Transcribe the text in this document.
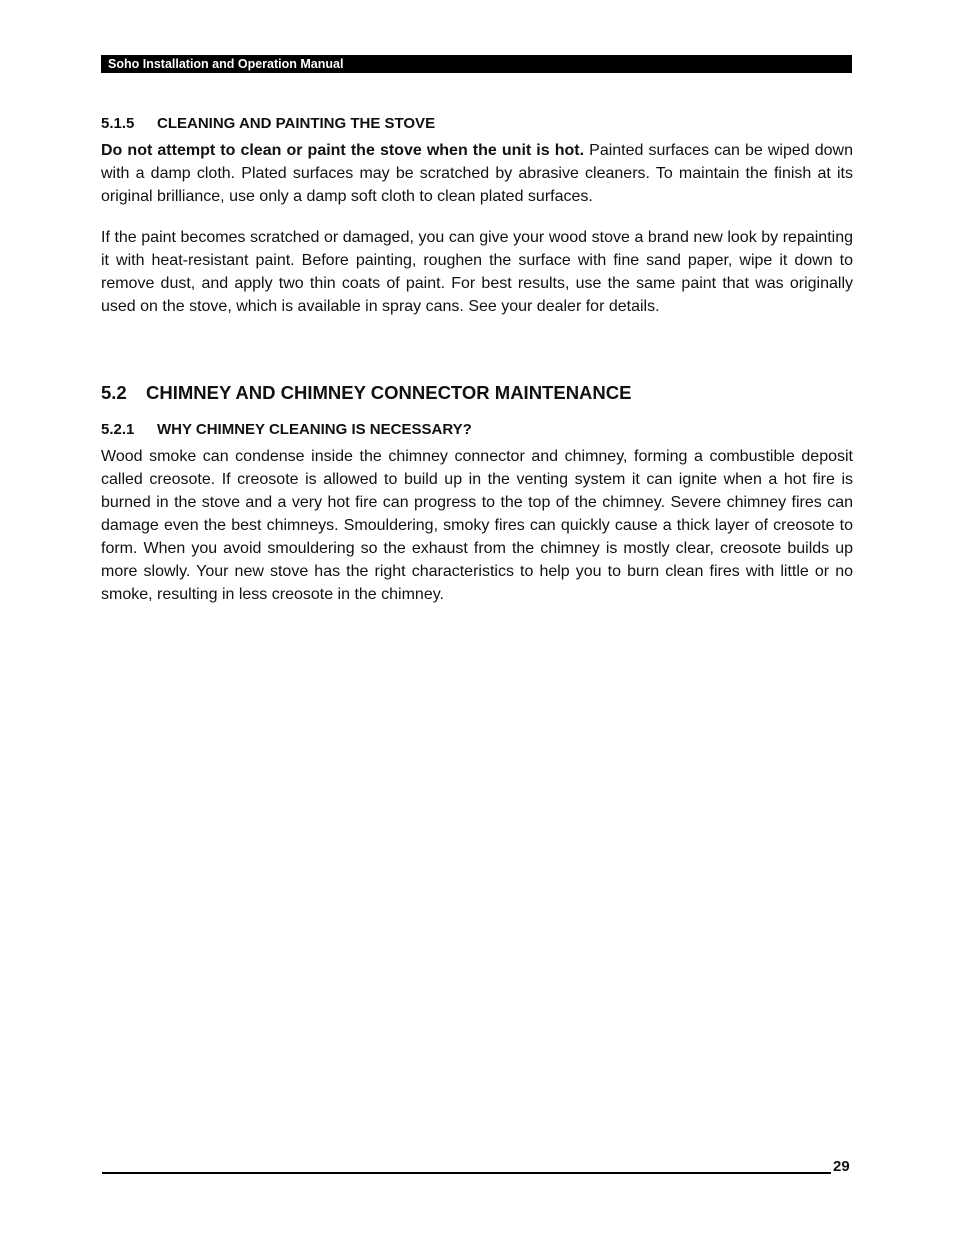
Soho Installation and Operation Manual
5.1.5 CLEANING AND PAINTING THE STOVE

Do not attempt to clean or paint the stove when the unit is hot. Painted surfaces can be wiped down with a damp cloth. Plated surfaces may be scratched by abrasive cleaners. To maintain the finish at its original brilliance, use only a damp soft cloth to clean plated surfaces.

If the paint becomes scratched or damaged, you can give your wood stove a brand new look by repainting it with heat-resistant paint. Before painting, roughen the surface with fine sand paper, wipe it down to remove dust, and apply two thin coats of paint. For best results, use the same paint that was originally used on the stove, which is available in spray cans. See your dealer for details.

5.2 CHIMNEY AND CHIMNEY CONNECTOR MAINTENANCE
5.2.1 WHY CHIMNEY CLEANING IS NECESSARY?

Wood smoke can condense inside the chimney connector and chimney, forming a combustible deposit called creosote. If creosote is allowed to build up in the venting system it can ignite when a hot fire is burned in the stove and a very hot fire can progress to the top of the chimney. Severe chimney fires can damage even the best chimneys. Smouldering, smoky fires can quickly cause a thick layer of creosote to form. When you avoid smouldering so the exhaust from the chimney is mostly clear, creosote builds up more slowly. Your new stove has the right characteristics to help you to burn clean fires with little or no smoke, resulting in less creosote in the chimney.

29
